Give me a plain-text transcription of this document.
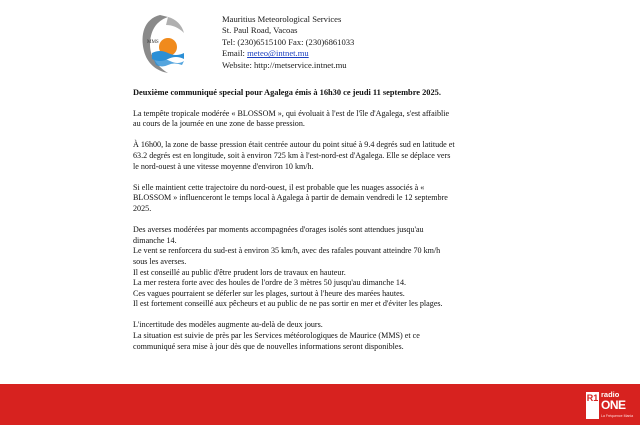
MMS
Mauritius Meteorological Services
St. Paul Road, Vacoas
Tel: (230)6515100 Fax: (230)6861033
Email: meteo@intnet.mu
Website: http://metservice.intnet.mu
Deuxième communiqué special pour Agalega émis à 16h30 ce jeudi 11 septembre 2025.

La tempête tropicale modérée « BLOSSOM », qui évoluait à l'est de l'île d'Agalega, s'est affaiblie
au cours de la journée en une zone de basse pression.

À 16h00, la zone de basse pression était centrée autour du point situé à 9.4 degrés sud en latitude et
63.2 degrés est en longitude, soit à environ 725 km à l'est-nord-est d'Agalega. Elle se déplace vers
le nord-ouest à une vitesse moyenne d'environ 10 km/h.

Si elle maintient cette trajectoire du nord-ouest, il est probable que les nuages associés à «
BLOSSOM » influenceront le temps local à Agalega à partir de demain vendredi le 12 septembre
2025.

Des averses modérées par moments accompagnées d'orages isolés sont attendues jusqu'au
dimanche 14.
Le vent se renforcera du sud-est à environ 35 km/h, avec des rafales pouvant atteindre 70 km/h
sous les averses.
Il est conseillé au public d'être prudent lors de travaux en hauteur.
La mer restera forte avec des houles de l'ordre de 3 mètres 50 jusqu'au dimanche 14.
Ces vagues pourraient se déferler sur les plages, surtout à l'heure des marées hautes.
Il est fortement conseillé aux pêcheurs et au public de ne pas sortir en mer et d'éviter les plages.

L'incertitude des modèles augmente au-delà de deux jours.
La situation est suivie de près par les Services météorologiques de Maurice (MMS) et ce
communiqué sera mise à jour dès que de nouvelles informations seront disponibles.

R1 radio
ONE
La Fréquence Mania
